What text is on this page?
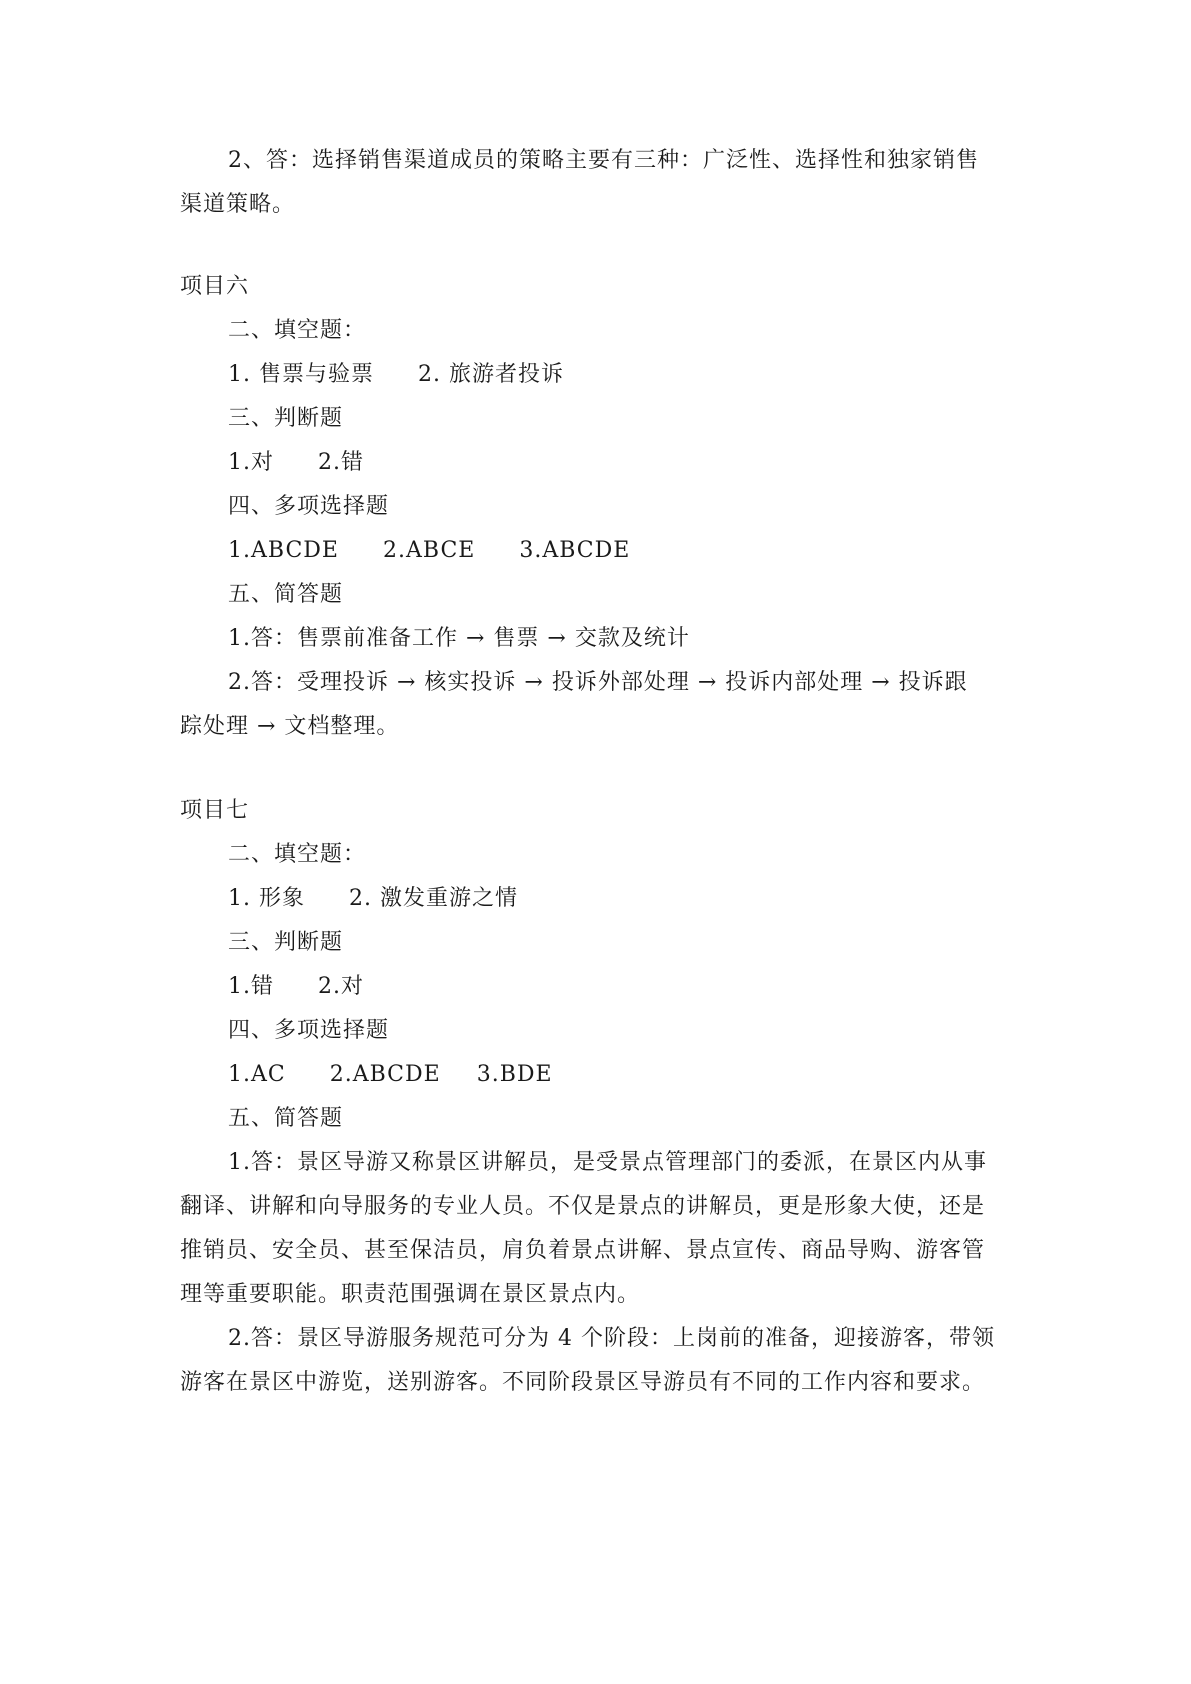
2、答：选择销售渠道成员的策略主要有三种：广泛性、选择性和独家销售
渠道策略。
项目六
二、填空题：
1. 售票与验票 2. 旅游者投诉
三、判断题
1.对 2.错
四、多项选择题
1.ABCDE 2.ABCE 3.ABCDE
五、简答题
1.答：售票前准备工作 → 售票 → 交款及统计
2.答：受理投诉 → 核实投诉 → 投诉外部处理 → 投诉内部处理 → 投诉跟
踪处理 → 文档整理。
项目七
二、填空题：
1. 形象 2. 激发重游之情
三、判断题
1.错 2.对
四、多项选择题
1.AC 2.ABCDE 3.BDE
五、简答题
1.答：景区导游又称景区讲解员，是受景点管理部门的委派，在景区内从事
翻译、讲解和向导服务的专业人员。不仅是景点的讲解员，更是形象大使，还是
推销员、安全员、甚至保洁员，肩负着景点讲解、景点宣传、商品导购、游客管
理等重要职能。职责范围强调在景区景点内。
2.答：景区导游服务规范可分为 4 个阶段：上岗前的准备，迎接游客，带领
游客在景区中游览，送别游客。不同阶段景区导游员有不同的工作内容和要求。
